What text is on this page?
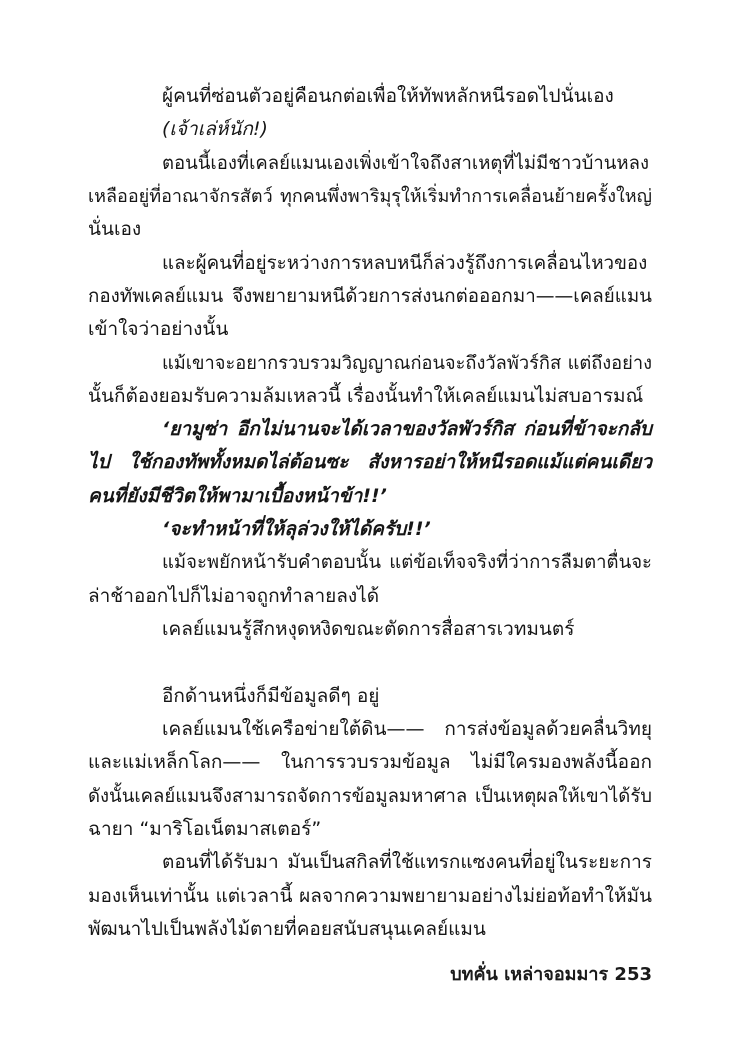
ผู้คนที่ซ่อนตัวอยู่คือนกต่อเพื่อให้ทัพหลักหนีรอดไปนั่นเอง
(เจ้าเล่ห์นัก!)
ตอนนี้เองที่เคลย์แมนเองเพิ่งเข้าใจถึงสาเหตุที่ไม่มีชาวบ้านหลง
เหลืออยู่ที่อาณาจักรสัตว์ ทุกคนพึ่งพาริมุรุให้เริ่มทำการเคลื่อนย้ายครั้งใหญ่
นั่นเอง
และผู้คนที่อยู่ระหว่างการหลบหนีก็ล่วงรู้ถึงการเคลื่อนไหวของ
กองทัพเคลย์แมน จึงพยายามหนีด้วยการส่งนกต่อออกมา——เคลย์แมน
เข้าใจว่าอย่างนั้น
แม้เขาจะอยากรวบรวมวิญญาณก่อนจะถึงวัลพัวร์กิส แต่ถึงอย่าง
นั้นก็ต้องยอมรับความล้มเหลวนี้ เรื่องนั้นทำให้เคลย์แมนไม่สบอารมณ์
‘ยามูซ่า อีกไม่นานจะได้เวลาของวัลพัวร์กิส ก่อนที่ข้าจะกลับ
ไป ใช้กองทัพทั้งหมดไล่ต้อนซะ สังหารอย่าให้หนีรอดแม้แต่คนเดียว
คนที่ยังมีชีวิตให้พามาเบื้องหน้าข้า!!’
‘จะทำหน้าที่ให้ลุล่วงให้ได้ครับ!!’
แม้จะพยักหน้ารับคำตอบนั้น แต่ข้อเท็จจริงที่ว่าการลืมตาตื่นจะ
ล่าช้าออกไปก็ไม่อาจถูกทำลายลงได้
เคลย์แมนรู้สึกหงุดหงิดขณะตัดการสื่อสารเวทมนตร์
อีกด้านหนึ่งก็มีข้อมูลดีๆ อยู่
เคลย์แมนใช้เครือข่ายใต้ดิน—— การส่งข้อมูลด้วยคลื่นวิทยุ
และแม่เหล็กโลก—— ในการรวบรวมข้อมูล ไม่มีใครมองพลังนี้ออก
ดังนั้นเคลย์แมนจึงสามารถจัดการข้อมูลมหาศาล เป็นเหตุผลให้เขาได้รับ
ฉายา “มาริโอเน็ตมาสเตอร์”
ตอนที่ได้รับมา มันเป็นสกิลที่ใช้แทรกแซงคนที่อยู่ในระยะการ
มองเห็นเท่านั้น แต่เวลานี้ ผลจากความพยายามอย่างไม่ย่อท้อทำให้มัน
พัฒนาไปเป็นพลังไม้ตายที่คอยสนับสนุนเคลย์แมน
บทคั่น เหล่าจอมมาร 253
